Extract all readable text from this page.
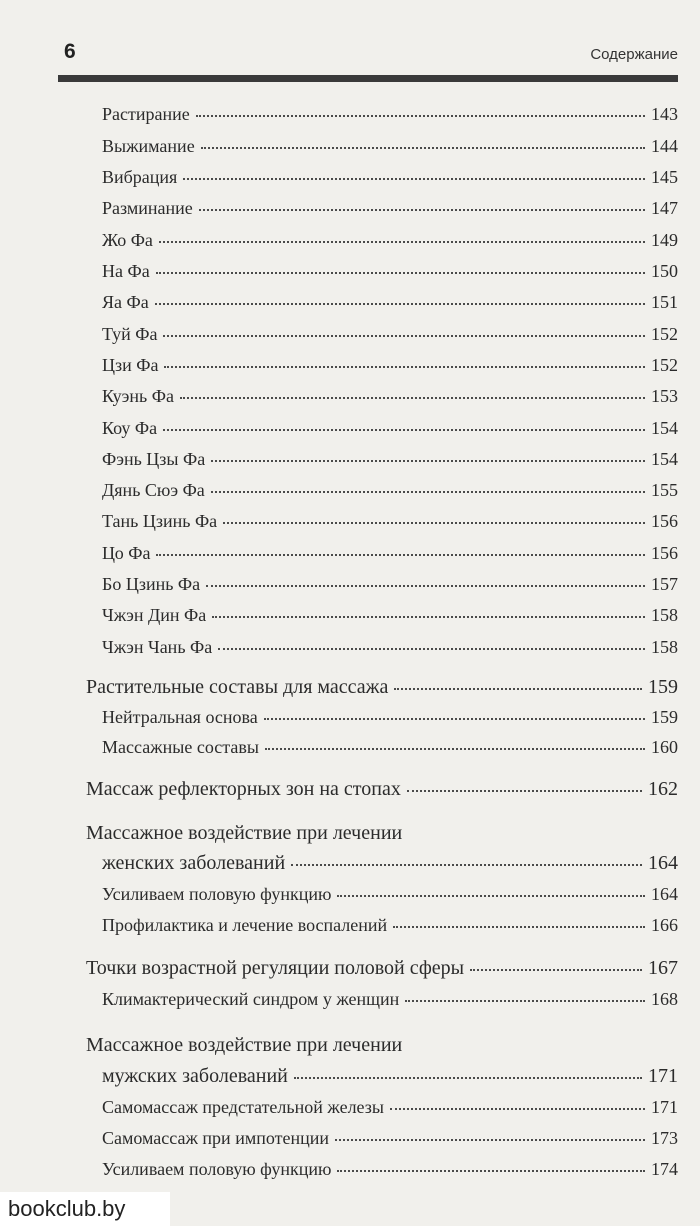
6	Содержание
Растирание	143
Выжимание	144
Вибрация	145
Разминание	147
Жо Фа	149
На Фа	150
Яа Фа	151
Туй Фа	152
Цзи Фа	152
Куэнь Фа	153
Коу Фа	154
Фэнь Цзы Фа	154
Дянь Сюэ Фа	155
Тань Цзинь Фа	156
Цо Фа	156
Бо Цзинь Фа	157
Чжэн Дин Фа	158
Чжэн Чань Фа	158
Растительные составы для массажа	159
Нейтральная основа	159
Массажные составы	160
Массаж рефлекторных зон на стопах	162
Массажное воздействие при лечении
женских заболеваний	164
Усиливаем половую функцию	164
Профилактика и лечение воспалений	166
Точки возрастной регуляции половой сферы	167
Климактерический синдром у женщин	168
Массажное воздействие при лечении
мужских заболеваний	171
Самомассаж предстательной железы	171
Самомассаж при импотенции	173
Усиливаем половую функцию	174
bookclub.by
